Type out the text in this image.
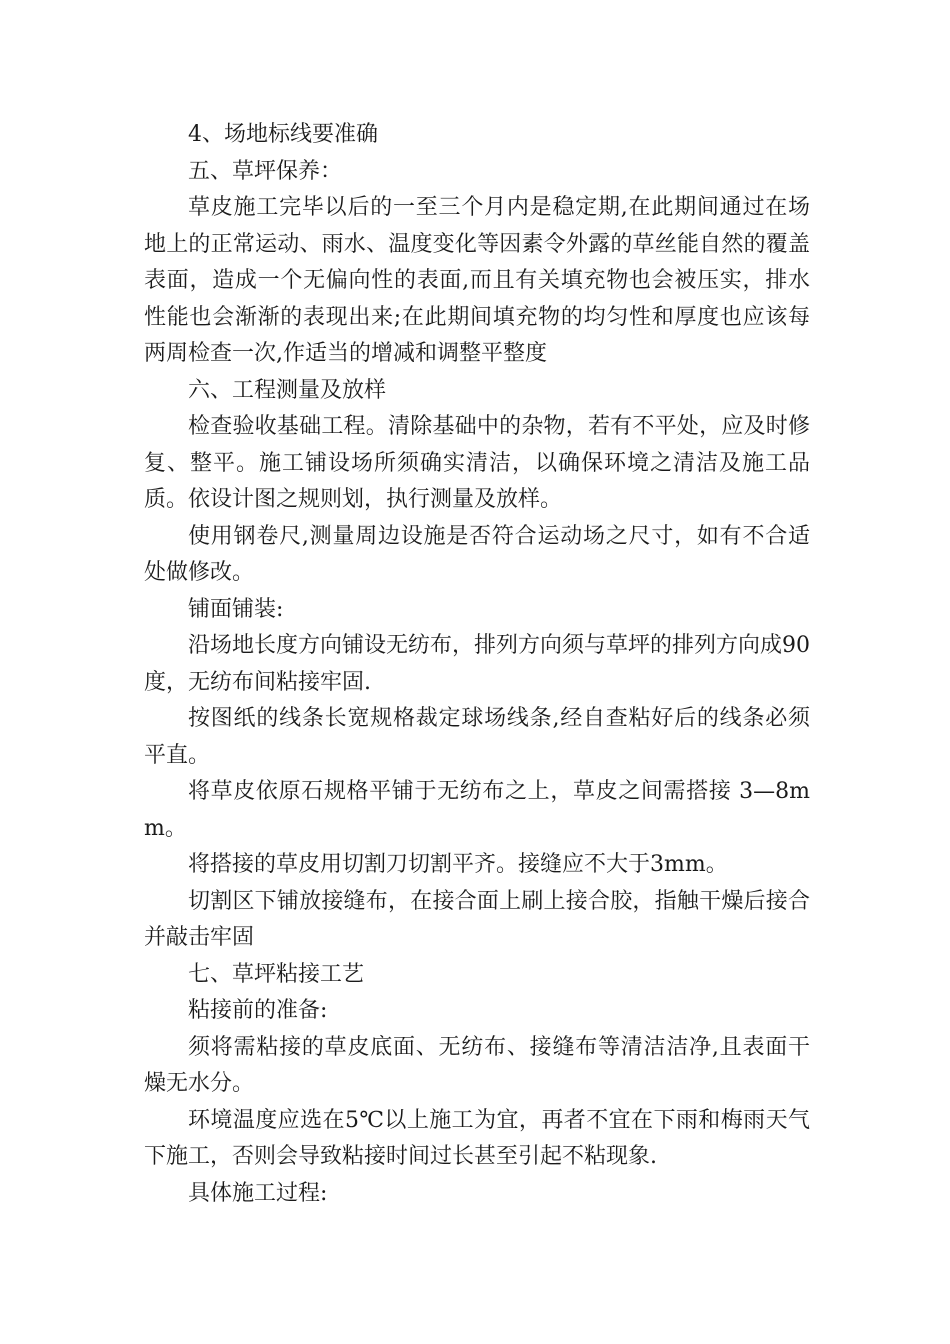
4、场地标线要准确

五、草坪保养：

草皮施工完毕以后的一至三个月内是稳定期,在此期间通过在场地上的正常运动、雨水、温度变化等因素令外露的草丝能自然的覆盖表面，造成一个无偏向性的表面,而且有关填充物也会被压实，排水性能也会渐渐的表现出来;在此期间填充物的均匀性和厚度也应该每两周检查一次,作适当的增减和调整平整度

六、工程测量及放样

检查验收基础工程。清除基础中的杂物，若有不平处，应及时修复、整平。施工铺设场所须确实清洁，以确保环境之清洁及施工品质。依设计图之规则划，执行测量及放样。

使用钢卷尺,测量周边设施是否符合运动场之尺寸，如有不合适处做修改。

铺面铺装:

沿场地长度方向铺设无纺布，排列方向须与草坪的排列方向成90度，无纺布间粘接牢固.

按图纸的线条长宽规格裁定球场线条,经自查粘好后的线条必须平直。

将草皮依原石规格平铺于无纺布之上，草皮之间需搭接 3—8mm。

将搭接的草皮用切割刀切割平齐。接缝应不大于3mm。

切割区下铺放接缝布，在接合面上刷上接合胶，指触干燥后接合并敲击牢固

七、草坪粘接工艺

粘接前的准备:

须将需粘接的草皮底面、无纺布、接缝布等清洁洁净,且表面干燥无水分。

环境温度应选在5℃以上施工为宜，再者不宜在下雨和梅雨天气下施工，否则会导致粘接时间过长甚至引起不粘现象.

具体施工过程:
